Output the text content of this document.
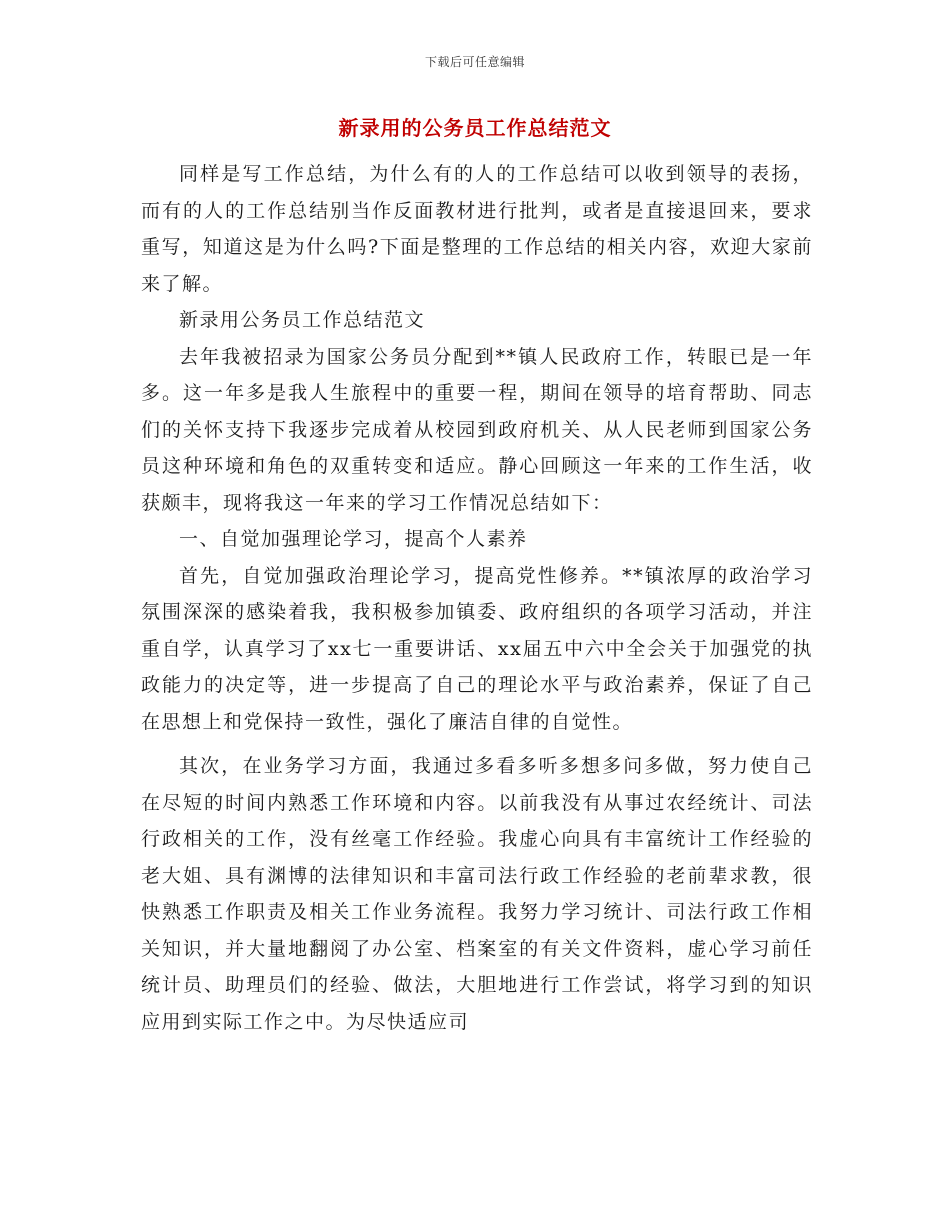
下载后可任意编辑
新录用的公务员工作总结范文

同样是写工作总结，为什么有的人的工作总结可以收到领导的表扬，而有的人的工作总结别当作反面教材进行批判，或者是直接退回来，要求重写，知道这是为什么吗?下面是整理的工作总结的相关内容，欢迎大家前来了解。

新录用公务员工作总结范文

去年我被招录为国家公务员分配到**镇人民政府工作，转眼已是一年多。这一年多是我人生旅程中的重要一程，期间在领导的培育帮助、同志们的关怀支持下我逐步完成着从校园到政府机关、从人民老师到国家公务员这种环境和角色的双重转变和适应。静心回顾这一年来的工作生活，收获颇丰，现将我这一年来的学习工作情况总结如下：

一、自觉加强理论学习，提高个人素养

首先，自觉加强政治理论学习，提高党性修养。**镇浓厚的政治学习氛围深深的感染着我，我积极参加镇委、政府组织的各项学习活动，并注重自学，认真学习了xx七一重要讲话、xx届五中六中全会关于加强党的执政能力的决定等，进一步提高了自己的理论水平与政治素养，保证了自己在思想上和党保持一致性，强化了廉洁自律的自觉性。

其次，在业务学习方面，我通过多看多听多想多问多做，努力使自己在尽短的时间内熟悉工作环境和内容。以前我没有从事过农经统计、司法行政相关的工作，没有丝毫工作经验。我虚心向具有丰富统计工作经验的老大姐、具有渊博的法律知识和丰富司法行政工作经验的老前辈求教，很快熟悉工作职责及相关工作业务流程。我努力学习统计、司法行政工作相关知识，并大量地翻阅了办公室、档案室的有关文件资料，虚心学习前任统计员、助理员们的经验、做法，大胆地进行工作尝试，将学习到的知识应用到实际工作之中。为尽快适应司
